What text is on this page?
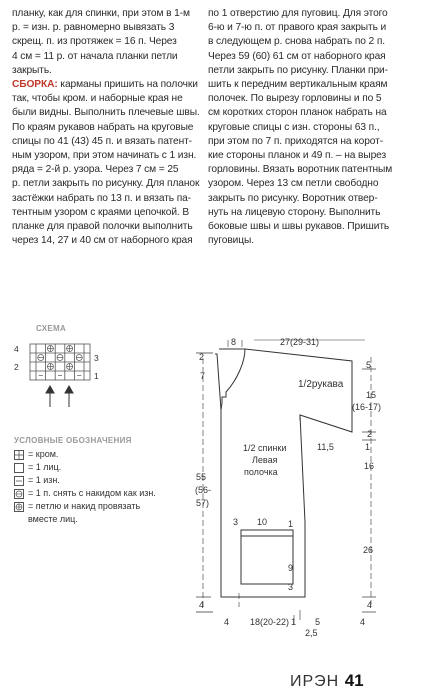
планку, как для спинки, при этом в 1-м

р. = изн. р. равномерно вывязать 3

скрещ. п. из протяжек = 16 п. Через

4 см = 11 р. от начала планки петли

закрыть.

СБОРКА: карманы пришить на полочки

так, чтобы кром. и наборные края не

были видны. Выполнить плечевые швы.

По краям рукавов набрать на круговые

спицы по 41 (43) 45 п. и вязать патент-

ным узором, при этом начинать с 1 изн.

ряда = 2-й р. узора. Через 7 см = 25

р. петли закрыть по рисунку. Для планок

застёжки набрать по 13 п. и вязать па-

тентным узором с краями цепочкой. В

планке для правой полочки выполнить

через 14, 27 и 40 см от наборного края

по 1 отверстию для пуговиц. Для этого

6-ю и 7-ю п. от правого края закрыть и

в следующем р. снова набрать по 2 п.

Через 59 (60) 61 см от наборного края

петли закрыть по рисунку. Планки при-

шить к передним вертикальным краям

полочек. По вырезу горловины и по 5

см коротких сторон планок набрать на

круговые спицы с изн. стороны 63 п.,

при этом по 7 п. приходятся на корот-

кие стороны планок и 49 п. – на вырез

горловины. Вязать воротник патентным

узором. Через 13 см петли свободно

закрыть по рисунку. Воротник отвер-

нуть на лицевую сторону. Выполнить

боковые швы и швы рукавов. Пришить

пуговицы.

СХЕМА
4
3
2
1
УСЛОВНЫЕ ОБОЗНАЧЕНИЯ
= кром.
= 1 лиц.
= 1 изн.
= 1 п. снять с накидом как изн.
= петлю и накид провязать
вместе лиц.
8	27(29-31)
2
7
5
1/2рукава
15
(16-17)
2
11,5	1
1/2 спинки
Левая
полочка
16
55
(56-
57)
3 10 1
26
9
3
4	4
4 18(20-22) 1
2,5
5	4
ИРЭН 41
